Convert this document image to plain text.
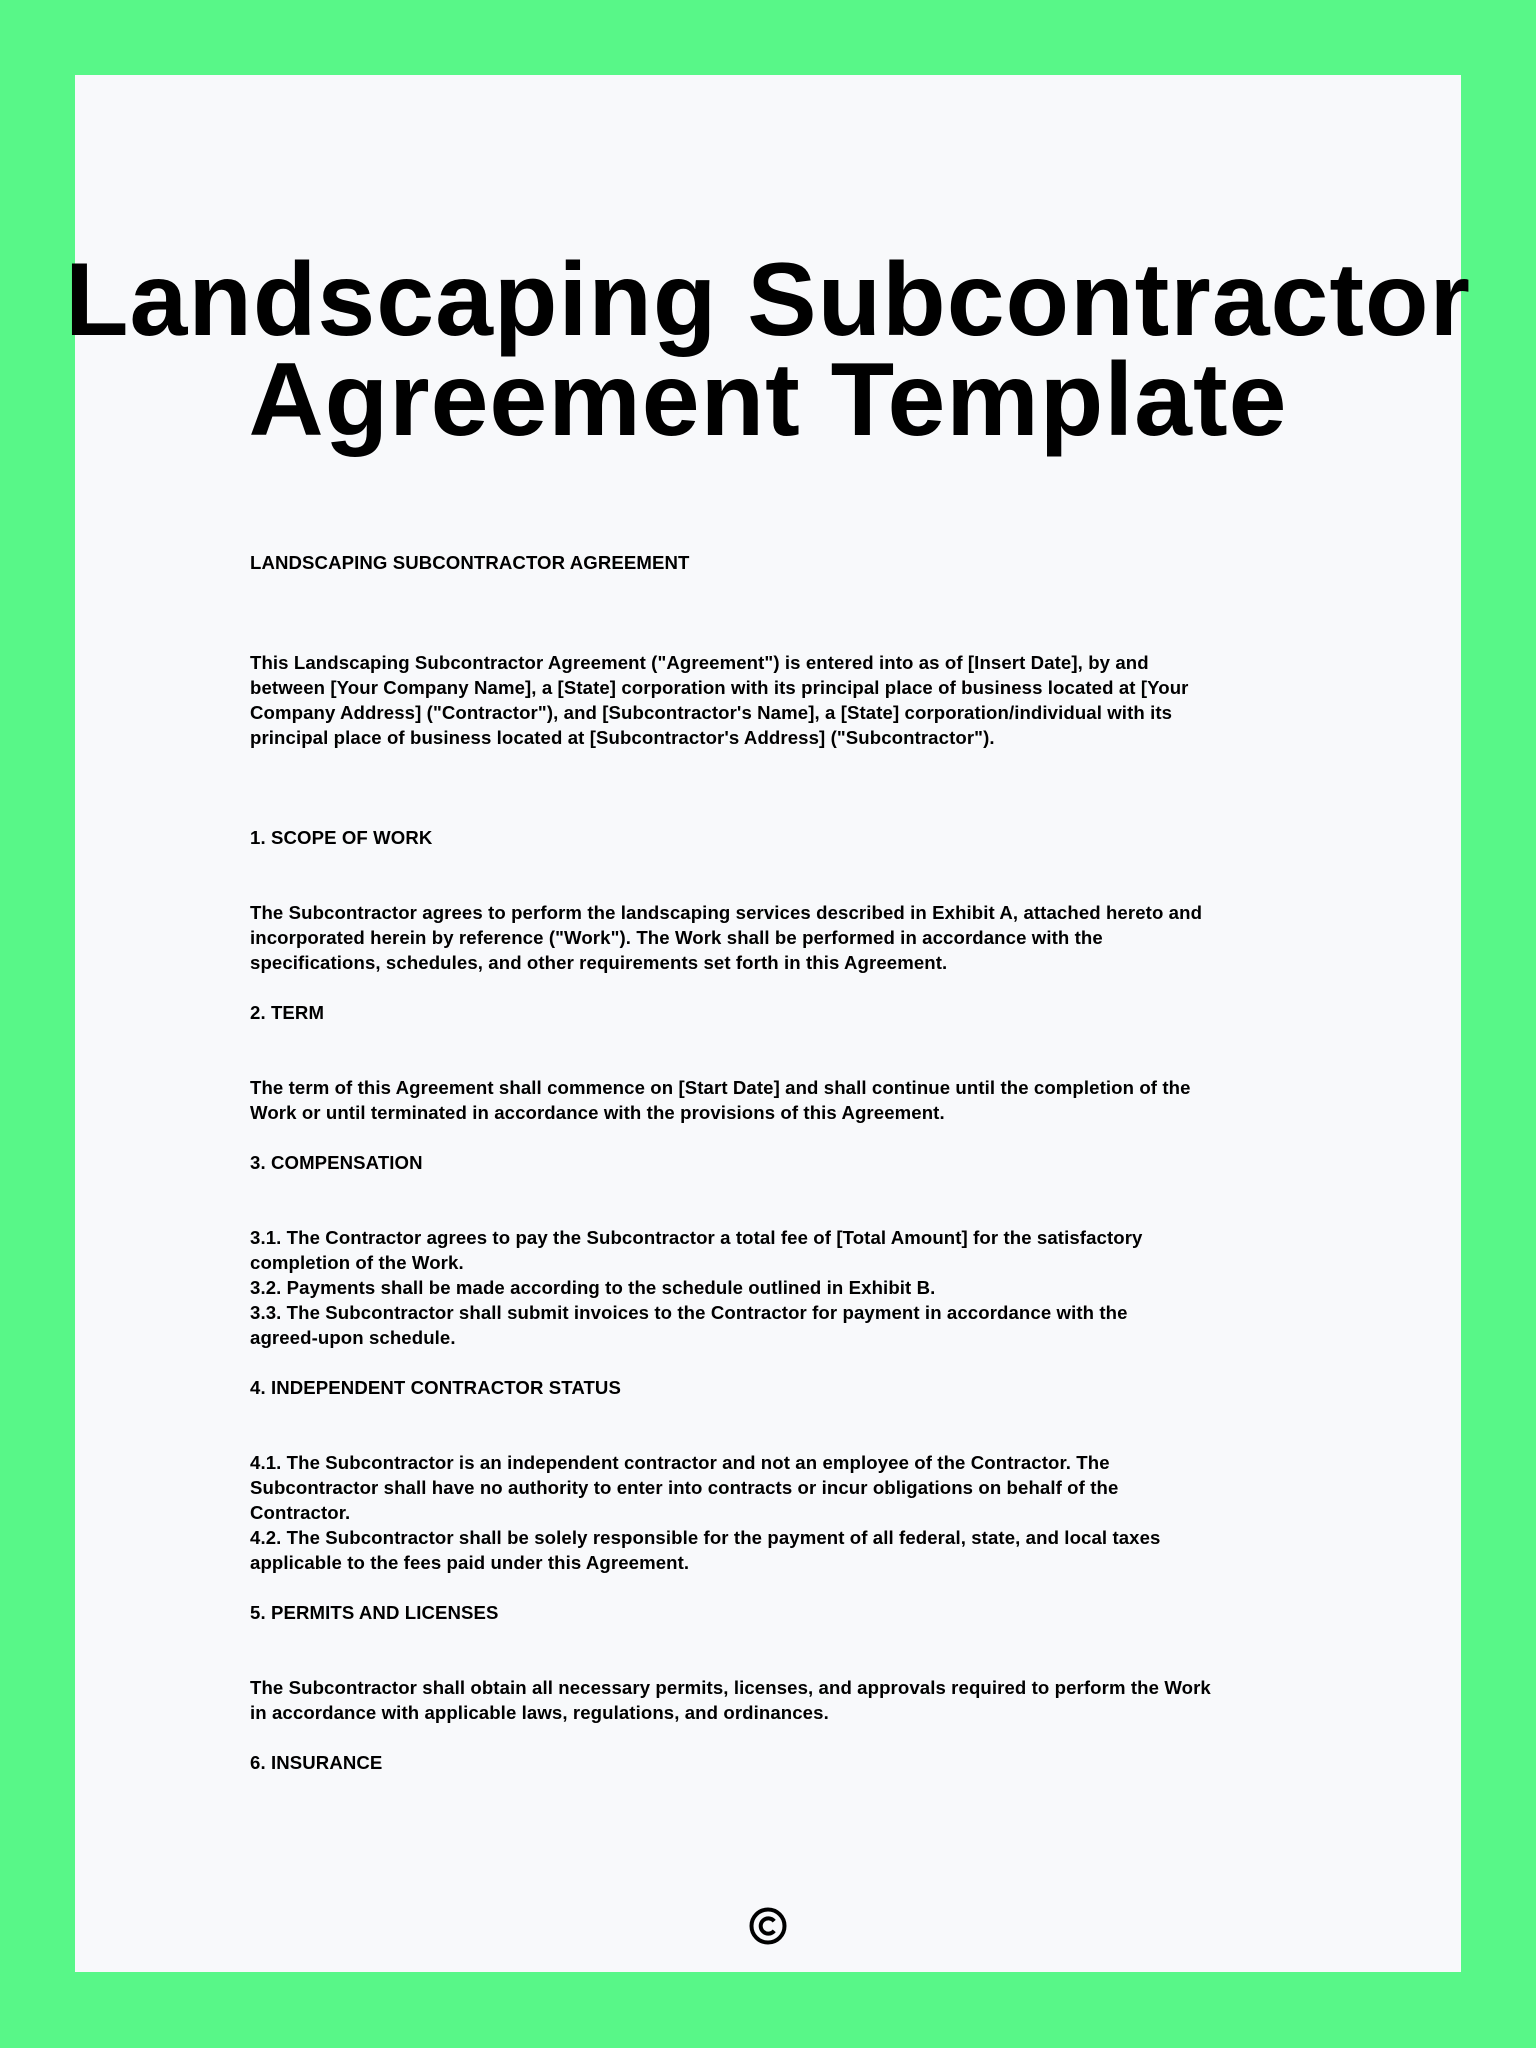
Landscaping Subcontractor
Agreement Template
LANDSCAPING SUBCONTRACTOR AGREEMENT
This Landscaping Subcontractor Agreement ("Agreement") is entered into as of [Insert Date], by and
between [Your Company Name], a [State] corporation with its principal place of business located at [Your
Company Address] ("Contractor"), and [Subcontractor's Name], a [State] corporation/individual with its
principal place of business located at [Subcontractor's Address] ("Subcontractor").
1. SCOPE OF WORK
The Subcontractor agrees to perform the landscaping services described in Exhibit A, attached hereto and
incorporated herein by reference ("Work"). The Work shall be performed in accordance with the
specifications, schedules, and other requirements set forth in this Agreement.
2. TERM
The term of this Agreement shall commence on [Start Date] and shall continue until the completion of the
Work or until terminated in accordance with the provisions of this Agreement.
3. COMPENSATION
3.1. The Contractor agrees to pay the Subcontractor a total fee of [Total Amount] for the satisfactory
completion of the Work.
3.2. Payments shall be made according to the schedule outlined in Exhibit B.
3.3. The Subcontractor shall submit invoices to the Contractor for payment in accordance with the
agreed-upon schedule.
4. INDEPENDENT CONTRACTOR STATUS
4.1. The Subcontractor is an independent contractor and not an employee of the Contractor. The
Subcontractor shall have no authority to enter into contracts or incur obligations on behalf of the
Contractor.
4.2. The Subcontractor shall be solely responsible for the payment of all federal, state, and local taxes
applicable to the fees paid under this Agreement.
5. PERMITS AND LICENSES
The Subcontractor shall obtain all necessary permits, licenses, and approvals required to perform the Work
in accordance with applicable laws, regulations, and ordinances.
6. INSURANCE
